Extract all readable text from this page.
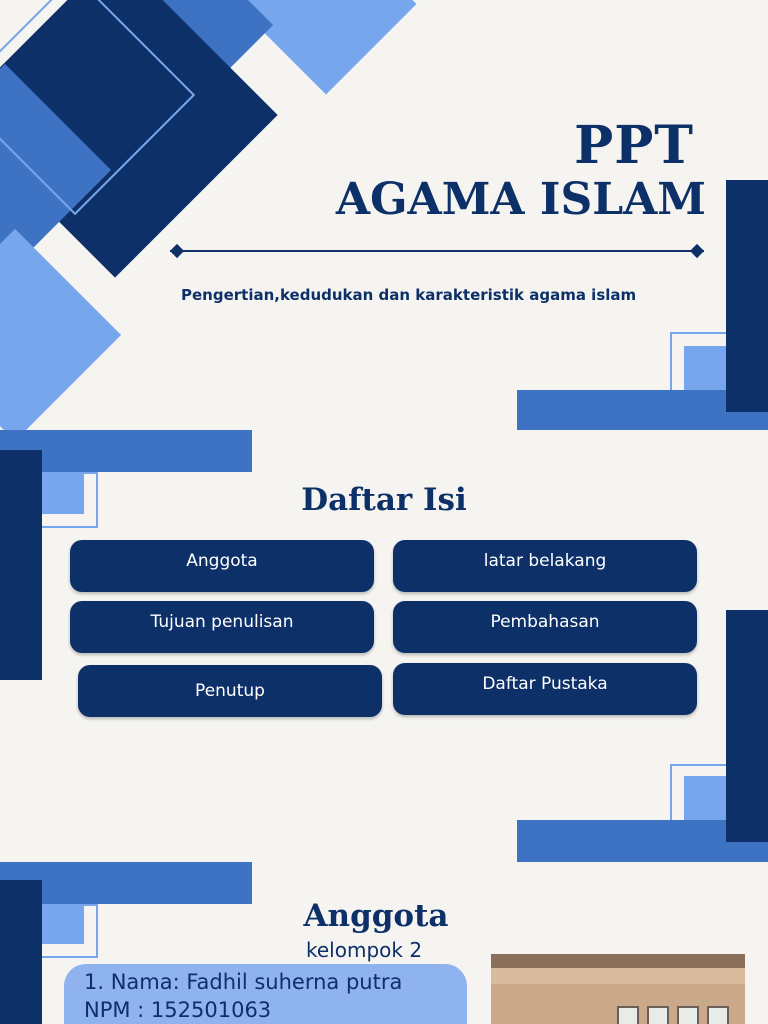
PPT
AGAMA ISLAM
Pengertian,kedudukan dan karakteristik agama islam
Daftar Isi
Anggota	latar belakang
Tujuan penulisan	Pembahasan
Penutup	Daftar Pustaka
Anggota
kelompok 2
1. Nama: Fadhil suherna putra
NPM : 152501063
